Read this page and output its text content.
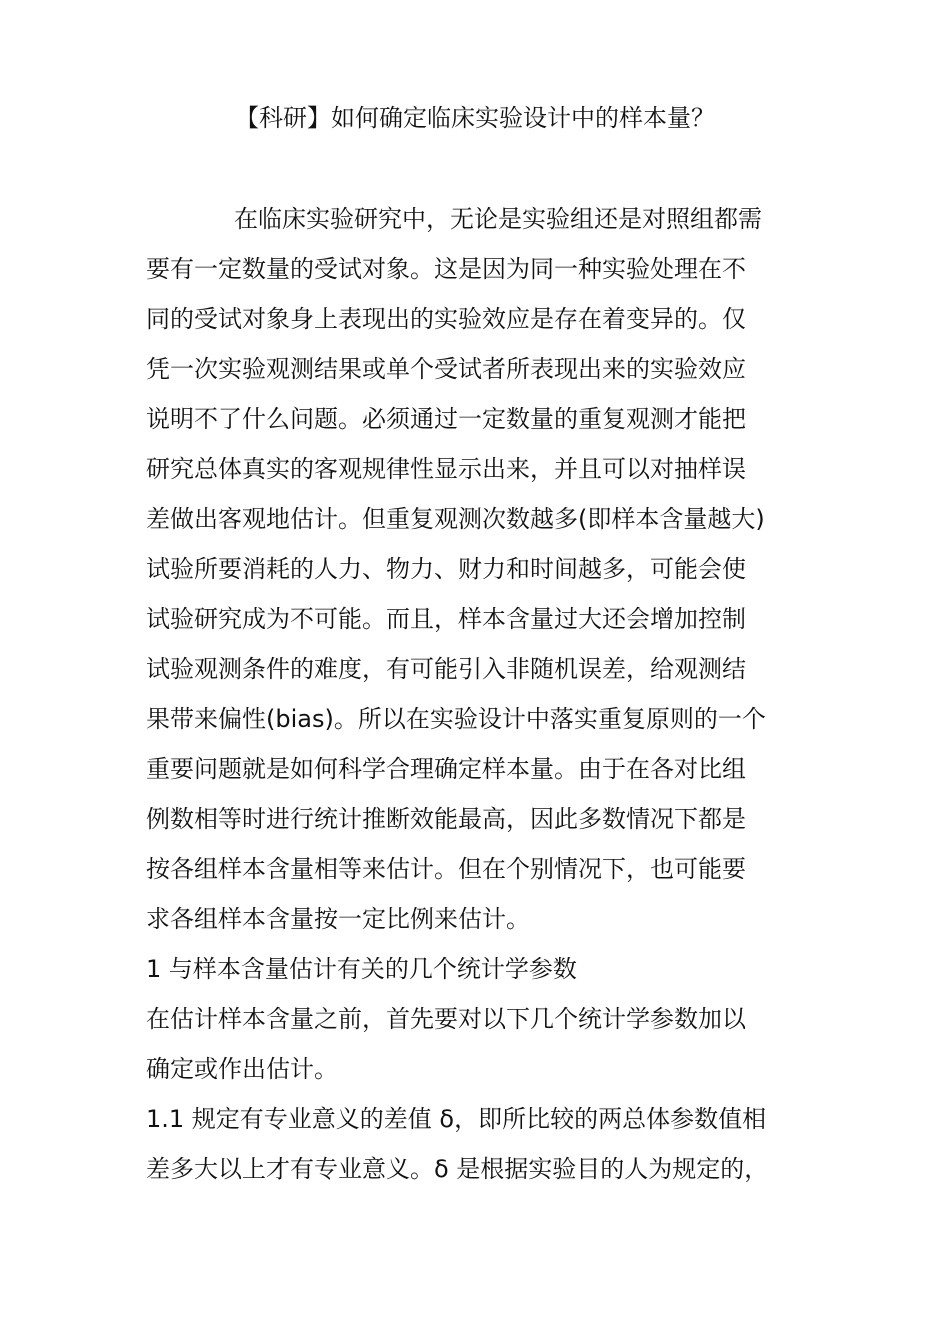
【科研】如何确定临床实验设计中的样本量？
在临床实验研究中，无论是实验组还是对照组都需
要有一定数量的受试对象。这是因为同一种实验处理在不
同的受试对象身上表现出的实验效应是存在着变异的。仅
凭一次实验观测结果或单个受试者所表现出来的实验效应
说明不了什么问题。必须通过一定数量的重复观测才能把
研究总体真实的客观规律性显示出来，并且可以对抽样误
差做出客观地估计。但重复观测次数越多(即样本含量越大)
试验所要消耗的人力、物力、财力和时间越多，可能会使
试验研究成为不可能。而且，样本含量过大还会增加控制
试验观测条件的难度，有可能引入非随机误差，给观测结
果带来偏性(bias)。所以在实验设计中落实重复原则的一个
重要问题就是如何科学合理确定样本量。由于在各对比组
例数相等时进行统计推断效能最高，因此多数情况下都是
按各组样本含量相等来估计。但在个别情况下，也可能要
求各组样本含量按一定比例来估计。
1 与样本含量估计有关的几个统计学参数
在估计样本含量之前，首先要对以下几个统计学参数加以
确定或作出估计。
1.1 规定有专业意义的差值 δ，即所比较的两总体参数值相
差多大以上才有专业意义。δ 是根据实验目的人为规定的，
